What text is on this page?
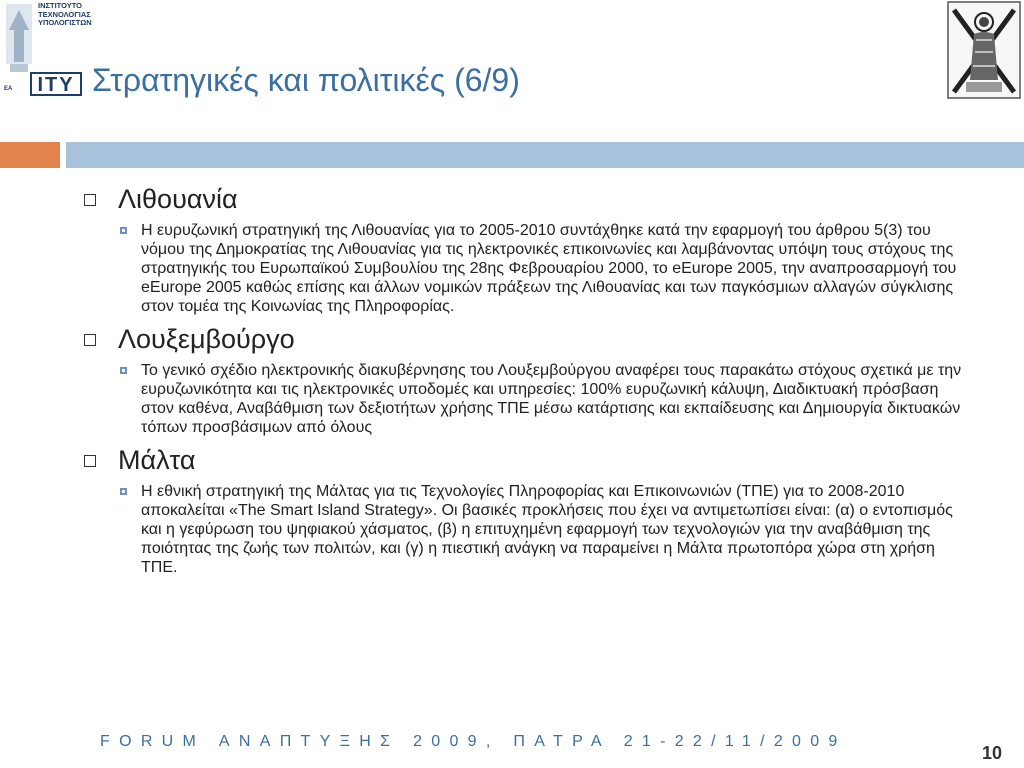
ΙΝΣΤΙΤΟΥΤΟ
ΤΕΧΝΟΛΟΓΙΑΣ
ΥΠΟΛΟΓΙΣΤΩΝ
ΕΑ	ITY Στρατηγικές και πολιτικές (6/9)
Λιθουανία
Η ευρυζωνική στρατηγική της Λιθουανίας για το 2005-2010 συντάχθηκε κατά την εφαρμογή του άρθρου 5(3) του νόμου της Δημοκρατίας της Λιθουανίας για τις ηλεκτρονικές επικοινωνίες και λαμβάνοντας υπόψη τους στόχους της στρατηγικής του Ευρωπαϊκού Συμβουλίου της 28ης Φεβρουαρίου 2000, το eEurope 2005, την αναπροσαρμογή του eEurope 2005 καθώς επίσης και άλλων νομικών πράξεων της Λιθουανίας και των παγκόσμιων αλλαγών σύγκλισης στον τομέα της Κοινωνίας της Πληροφορίας.
Λουξεμβούργο
Το γενικό σχέδιο ηλεκτρονικής διακυβέρνησης του Λουξεμβούργου αναφέρει τους παρακάτω στόχους σχετικά με την ευρυζωνικότητα και τις ηλεκτρονικές υποδομές και υπηρεσίες: 100% ευρυζωνική κάλυψη, Διαδικτυακή πρόσβαση στον καθένα, Αναβάθμιση των δεξιοτήτων χρήσης ΤΠΕ μέσω κατάρτισης και εκπαίδευσης και Δημιουργία δικτυακών τόπων προσβάσιμων από όλους
Μάλτα
Η εθνική στρατηγική της Μάλτας για τις Τεχνολογίες Πληροφορίας και Επικοινωνιών (ΤΠΕ) για το 2008-2010 αποκαλείται «The Smart Island Strategy». Οι βασικές προκλήσεις που έχει να αντιμετωπίσει είναι: (α) ο εντοπισμός και η γεφύρωση του ψηφιακού χάσματος, (β) η επιτυχημένη εφαρμογή των τεχνολογιών για την αναβάθμιση της ποιότητας της ζωής των πολιτών, και (γ) η πιεστική ανάγκη να παραμείνει η Μάλτα πρωτοπόρα χώρα στη χρήση ΤΠΕ.
FORUM ΑΝΑΠΤΥΞΗΣ 2009, ΠΑΤΡΑ 21-22/11/2009
10
